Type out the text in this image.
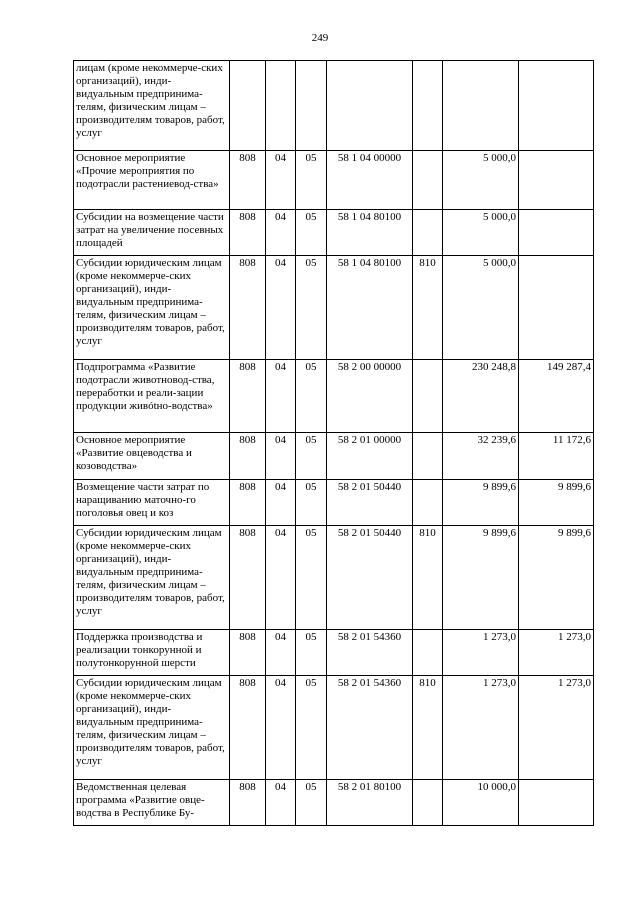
249
лицам (кроме некоммерче-ских организаций), инди-видуальным предпринима-телям, физическим лицам – производителям товаров, работ, услуг							
Основное мероприятие «Прочие мероприятия по подотрасли растениевод-ства»	808	04	05	58 1 04 00000		5 000,0	
Субсидии на возмещение части затрат на увеличение посевных площадей	808	04	05	58 1 04 80100		5 000,0	
Субсидии юридическим лицам (кроме некоммерче-ских организаций), инди-видуальным предпринима-телям, физическим лицам – производителям товаров, работ, услуг	808	04	05	58 1 04 80100	810	5 000,0	
Подпрограмма «Развитие подотрасли животновод-ства, переработки и реали-зации продукции живótно-водства»	808	04	05	58 2 00 00000		230 248,8	149 287,4
Основное мероприятие «Развитие овцеводства и козоводства»	808	04	05	58 2 01 00000		32 239,6	11 172,6
Возмещение части затрат по наращиванию маточно-го поголовья овец и коз	808	04	05	58 2 01 50440		9 899,6	9 899,6
Субсидии юридическим лицам (кроме некоммерче-ских организаций), инди-видуальным предпринима-телям, физическим лицам – производителям товаров, работ, услуг	808	04	05	58 2 01 50440	810	9 899,6	9 899,6
Поддержка производства и реализации тонкорунной и полутонкорунной шерсти	808	04	05	58 2 01 54360		1 273,0	1 273,0
Субсидии юридическим лицам (кроме некоммерче-ских организаций), инди-видуальным предпринима-телям, физическим лицам – производителям товаров, работ, услуг	808	04	05	58 2 01 54360	810	1 273,0	1 273,0
Ведомственная целевая программа «Развитие овце-водства в Республике Бу-	808	04	05	58 2 01 80100		10 000,0	
